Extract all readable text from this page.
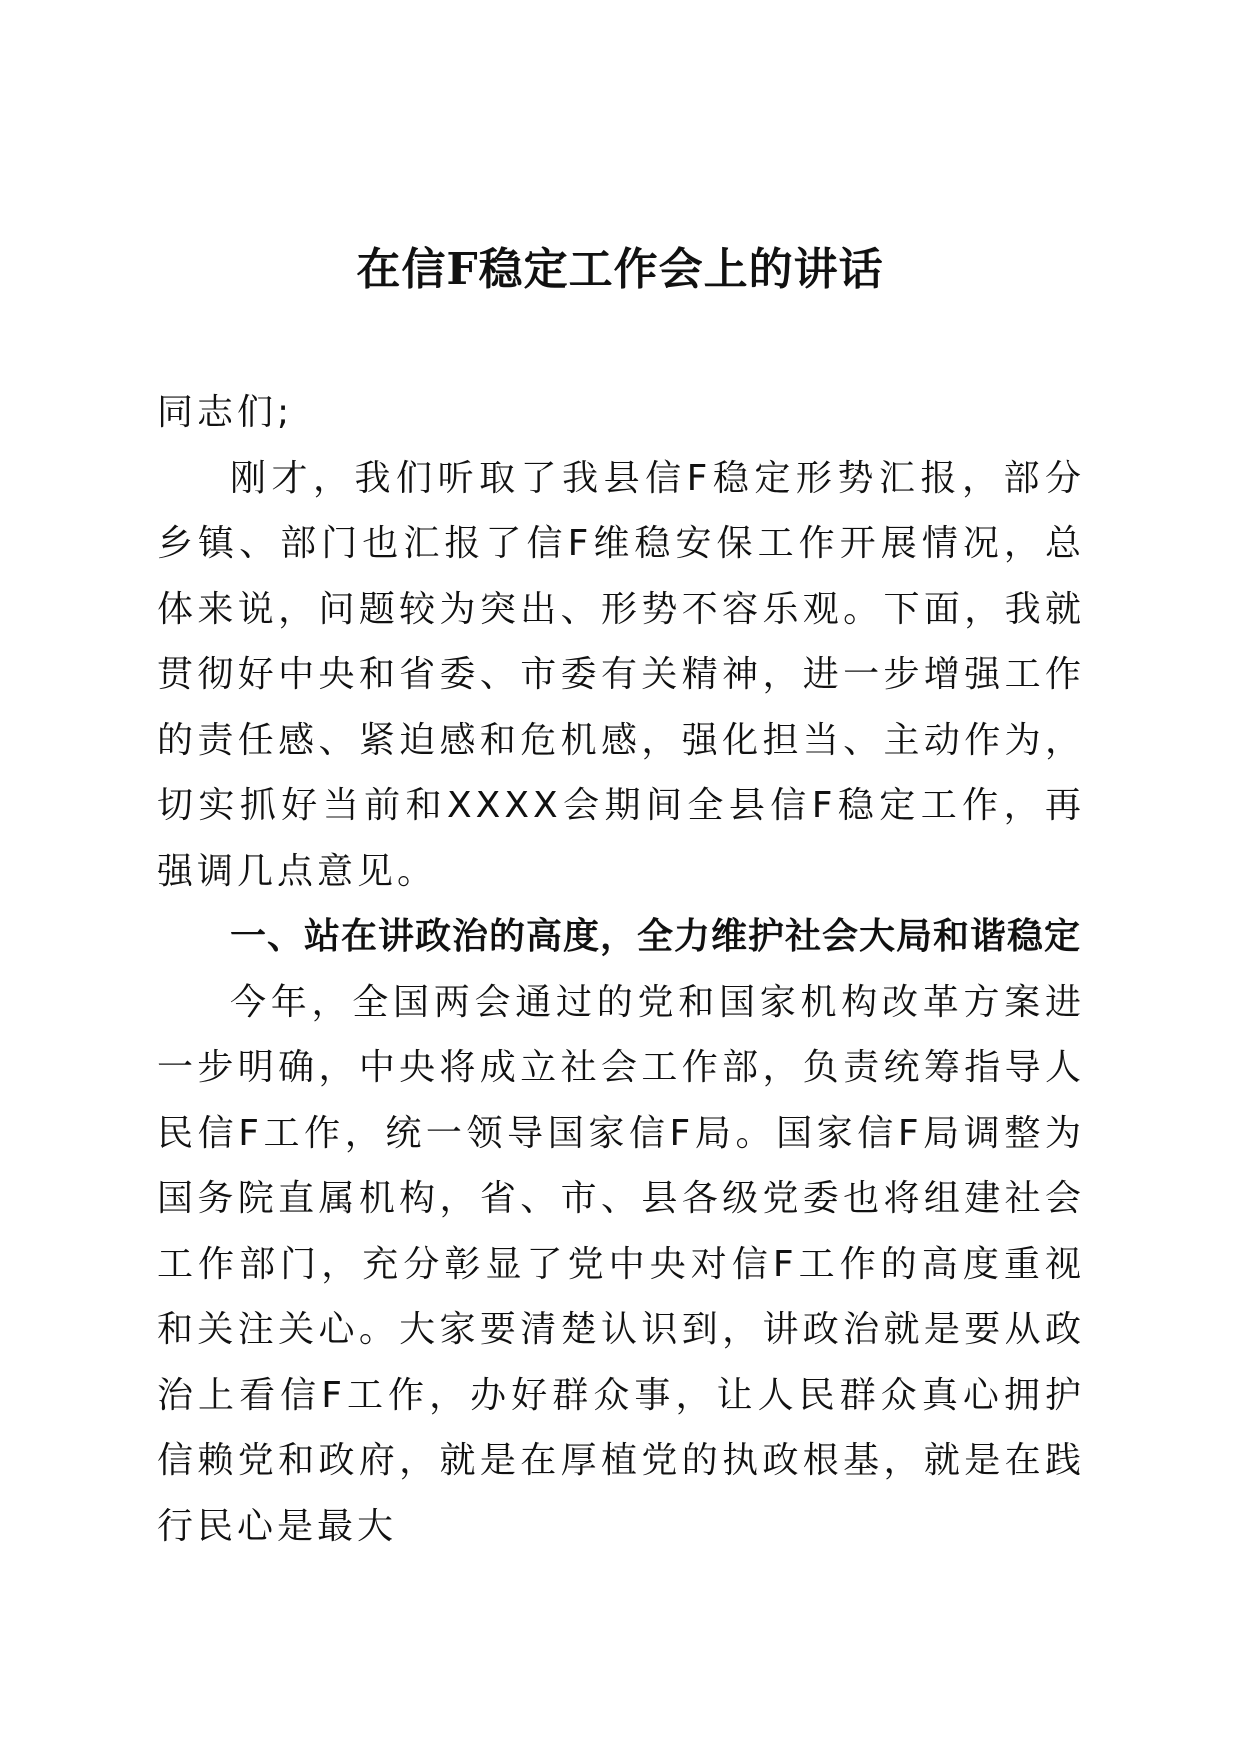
在信F稳定工作会上的讲话

同志们;

刚才，我们听取了我县信F稳定形势汇报，部分乡镇、部门也汇报了信F维稳安保工作开展情况，总体来说，问题较为突出、形势不容乐观。下面，我就贯彻好中央和省委、市委有关精神，进一步增强工作的责任感、紧迫感和危机感，强化担当、主动作为，切实抓好当前和XXXX会期间全县信F稳定工作，再强调几点意见。

一、站在讲政治的高度，全力维护社会大局和谐稳定

今年，全国两会通过的党和国家机构改革方案进一步明确，中央将成立社会工作部，负责统筹指导人民信F工作，统一领导国家信F局。国家信F局调整为国务院直属机构，省、市、县各级党委也将组建社会工作部门，充分彰显了党中央对信F工作的高度重视和关注关心。大家要清楚认识到，讲政治就是要从政治上看信F工作，办好群众事，让人民群众真心拥护信赖党和政府，就是在厚植党的执政根基，就是在践行民心是最大
